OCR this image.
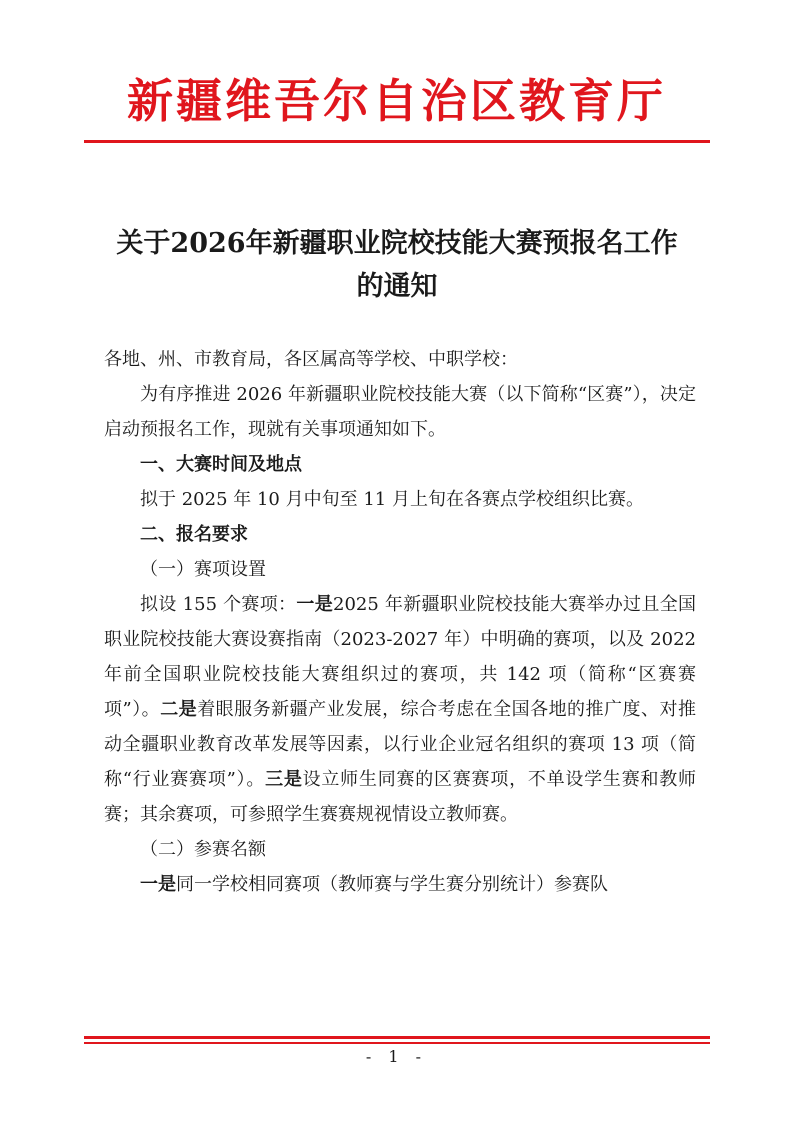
新疆维吾尔自治区教育厅
关于2026年新疆职业院校技能大赛预报名工作
的通知

各地、州、市教育局，各区属高等学校、中职学校：

为有序推进 2026 年新疆职业院校技能大赛（以下简称“区赛”），决定启动预报名工作，现就有关事项通知如下。

一、大赛时间及地点

拟于 2025 年 10 月中旬至 11 月上旬在各赛点学校组织比赛。

二、报名要求

（一）赛项设置

拟设 155 个赛项：一是2025 年新疆职业院校技能大赛举办过且全国职业院校技能大赛设赛指南（2023-2027 年）中明确的赛项，以及 2022 年前全国职业院校技能大赛组织过的赛项，共 142 项（简称“区赛赛项”）。二是着眼服务新疆产业发展，综合考虑在全国各地的推广度、对推动全疆职业教育改革发展等因素，以行业企业冠名组织的赛项 13 项（简称“行业赛赛项”）。三是设立师生同赛的区赛赛项，不单设学生赛和教师赛；其余赛项，可参照学生赛赛规视情设立教师赛。

（二）参赛名额

一是同一学校相同赛项（教师赛与学生赛分别统计）参赛队

- 1 -
